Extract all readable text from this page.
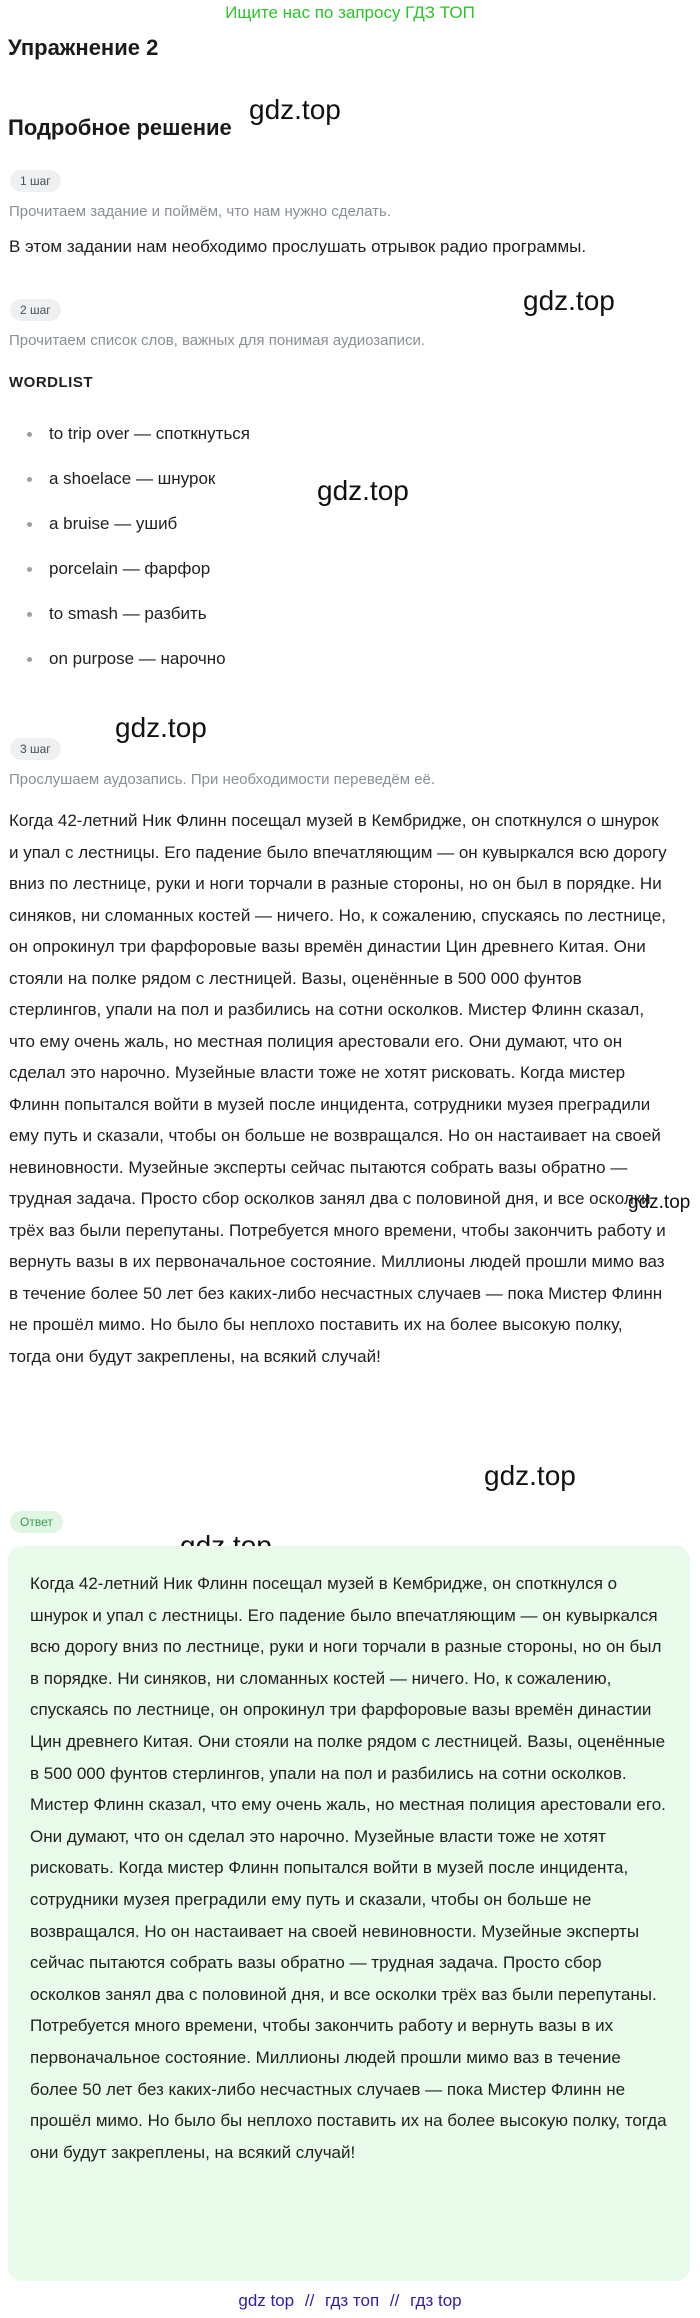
Ищите нас по запросу ГДЗ ТОП
Упражнение 2
Подробное решение
gdz.top
gdz.top
gdz.top
gdz.top
gdz.top
gdz.top
1 шаг
Прочитаем задание и поймём, что нам нужно сделать.
В этом задании нам необходимо прослушать отрывок радио программы.
2 шаг
Прочитаем список слов, важных для понимая аудиозаписи.
WORDLIST
to trip over — споткнуться
a shoelace — шнурок
a bruise — ушиб
porcelain — фарфор
to smash — разбить
on purpose — нарочно
3 шаг
Прослушаем аудозапись. При необходимости переведём её.
Когда 42-летний Ник Флинн посещал музей в Кембридже, он споткнулся о шнурок и упал с лестницы. Его падение было впечатляющим — он кувыркался всю дорогу вниз по лестнице, руки и ноги торчали в разные стороны, но он был в порядке. Ни синяков, ни сломанных костей — ничего. Но, к сожалению, спускаясь по лестнице, он опрокинул три фарфоровые вазы времён династии Цин древнего Китая. Они стояли на полке рядом с лестницей. Вазы, оценённые в 500 000 фунтов стерлингов, упали на пол и разбились на сотни осколков. Мистер Флинн сказал, что ему очень жаль, но местная полиция арестовали его. Они думают, что он сделал это нарочно. Музейные власти тоже не хотят рисковать. Когда мистер Флинн попытался войти в музей после инцидента, сотрудники музея преградили ему путь и сказали, чтобы он больше не возвращался. Но он настаивает на своей невиновности. Музейные эксперты сейчас пытаются собрать вазы обратно — трудная задача. Просто сбор осколков занял два с половиной дня, и все осколки трёх ваз были перепутаны. Потребуется много времени, чтобы закончить работу и вернуть вазы в их первоначальное состояние. Миллионы людей прошли мимо ваз в течение более 50 лет без каких-либо несчастных случаев — пока Мистер Флинн не прошёл мимо. Но было бы неплохо поставить их на более высокую полку, тогда они будут закреплены, на всякий случай!
Ответ
Когда 42-летний Ник Флинн посещал музей в Кембридже, он споткнулся о шнурок и упал с лестницы. Его падение было впечатляющим — он кувыркался всю дорогу вниз по лестнице, руки и ноги торчали в разные стороны, но он был в порядке. Ни синяков, ни сломанных костей — ничего. Но, к сожалению, спускаясь по лестнице, он опрокинул три фарфоровые вазы времён династии Цин древнего Китая. Они стояли на полке рядом с лестницей. Вазы, оценённые в 500 000 фунтов стерлингов, упали на пол и разбились на сотни осколков. Мистер Флинн сказал, что ему очень жаль, но местная полиция арестовали его. Они думают, что он сделал это нарочно. Музейные власти тоже не хотят рисковать. Когда мистер Флинн попытался войти в музей после инцидента, сотрудники музея преградили ему путь и сказали, чтобы он больше не возвращался. Но он настаивает на своей невиновности. Музейные эксперты сейчас пытаются собрать вазы обратно — трудная задача. Просто сбор осколков занял два с половиной дня, и все осколки трёх ваз были перепутаны. Потребуется много времени, чтобы закончить работу и вернуть вазы в их первоначальное состояние. Миллионы людей прошли мимо ваз в течение более 50 лет без каких-либо несчастных случаев — пока Мистер Флинн не прошёл мимо. Но было бы неплохо поставить их на более высокую полку, тогда они будут закреплены, на всякий случай!
gdz top // гдз топ // гдз top
